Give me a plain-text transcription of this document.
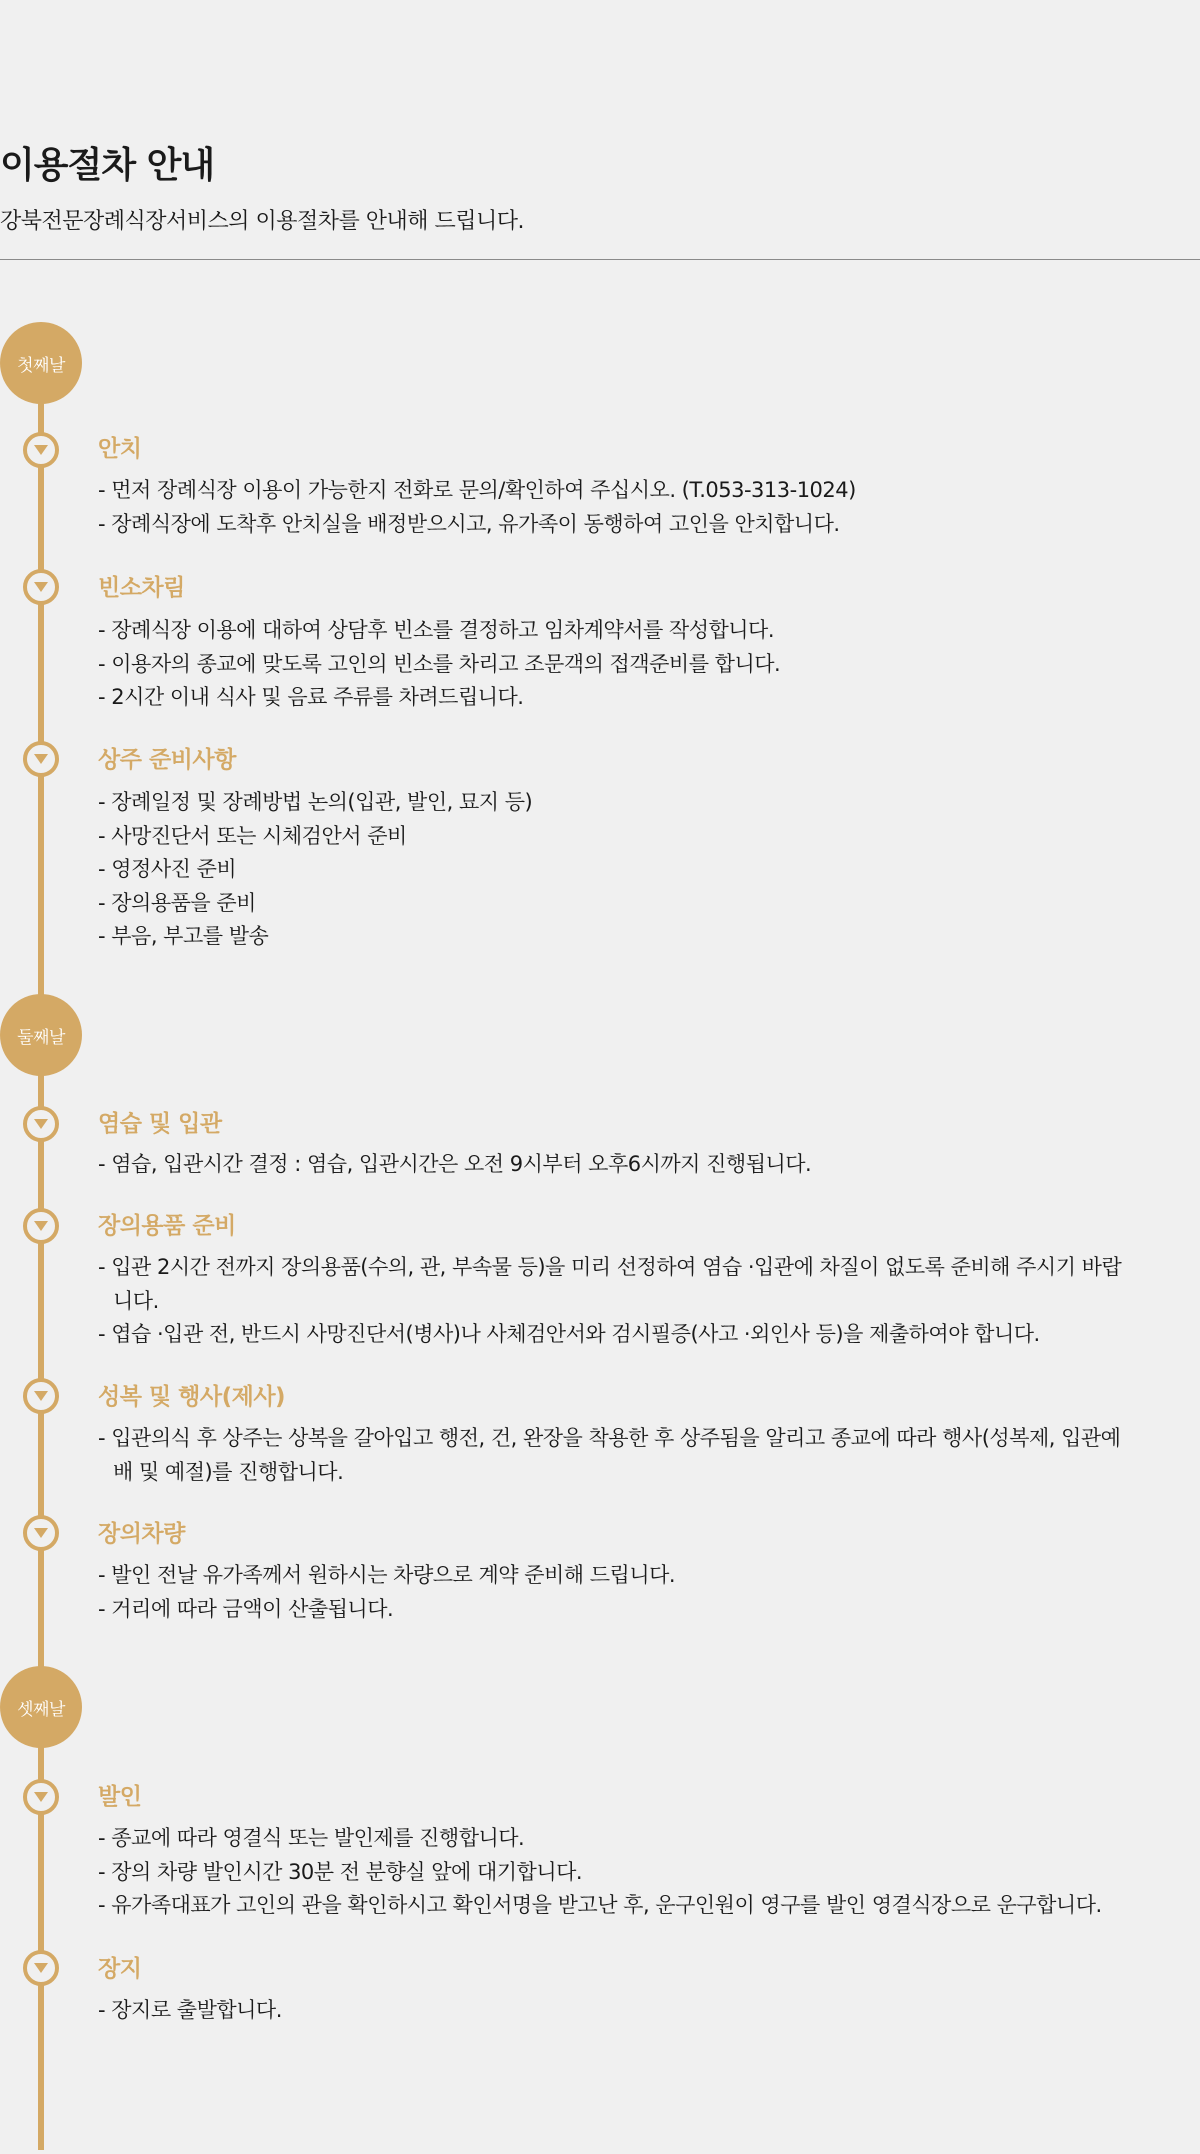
이용절차 안내

강북전문장례식장서비스의 이용절차를 안내해 드립니다.

첫째날
안치
- 먼저 장례식장 이용이 가능한지 전화로 문의/확인하여 주십시오. (T.053-313-1024)
- 장례식장에 도착후 안치실을 배정받으시고, 유가족이 동행하여 고인을 안치합니다.
빈소차림
- 장례식장 이용에 대하여 상담후 빈소를 결정하고 임차계약서를 작성합니다.
- 이용자의 종교에 맞도록 고인의 빈소를 차리고 조문객의 접객준비를 합니다.
- 2시간 이내 식사 및 음료 주류를 차려드립니다.
상주 준비사항
- 장례일정 및 장례방법 논의(입관, 발인, 묘지 등)
- 사망진단서 또는 시체검안서 준비
- 영정사진 준비
- 장의용품을 준비
- 부음, 부고를 발송
둘째날
염습 및 입관
- 염습, 입관시간 결정 : 염습, 입관시간은 오전 9시부터 오후6시까지 진행됩니다.
장의용품 준비
- 입관 2시간 전까지 장의용품(수의, 관, 부속물 등)을 미리 선정하여 염습 ·입관에 차질이 없도록 준비해 주시기 바랍니다.
- 엽습 ·입관 전, 반드시 사망진단서(병사)나 사체검안서와 검시필증(사고 ·외인사 등)을 제출하여야 합니다.
성복 및 행사(제사)
- 입관의식 후 상주는 상복을 갈아입고 행전, 건, 완장을 착용한 후 상주됨을 알리고 종교에 따라 행사(성복제, 입관예배 및 예절)를 진행합니다.
장의차량
- 발인 전날 유가족께서 원하시는 차량으로 계약 준비해 드립니다.
- 거리에 따라 금액이 산출됩니다.
셋째날
발인
- 종교에 따라 영결식 또는 발인제를 진행합니다.
- 장의 차량 발인시간 30분 전 분향실 앞에 대기합니다.
- 유가족대표가 고인의 관을 확인하시고 확인서명을 받고난 후, 운구인원이 영구를 발인 영결식장으로 운구합니다.
장지
- 장지로 출발합니다.
